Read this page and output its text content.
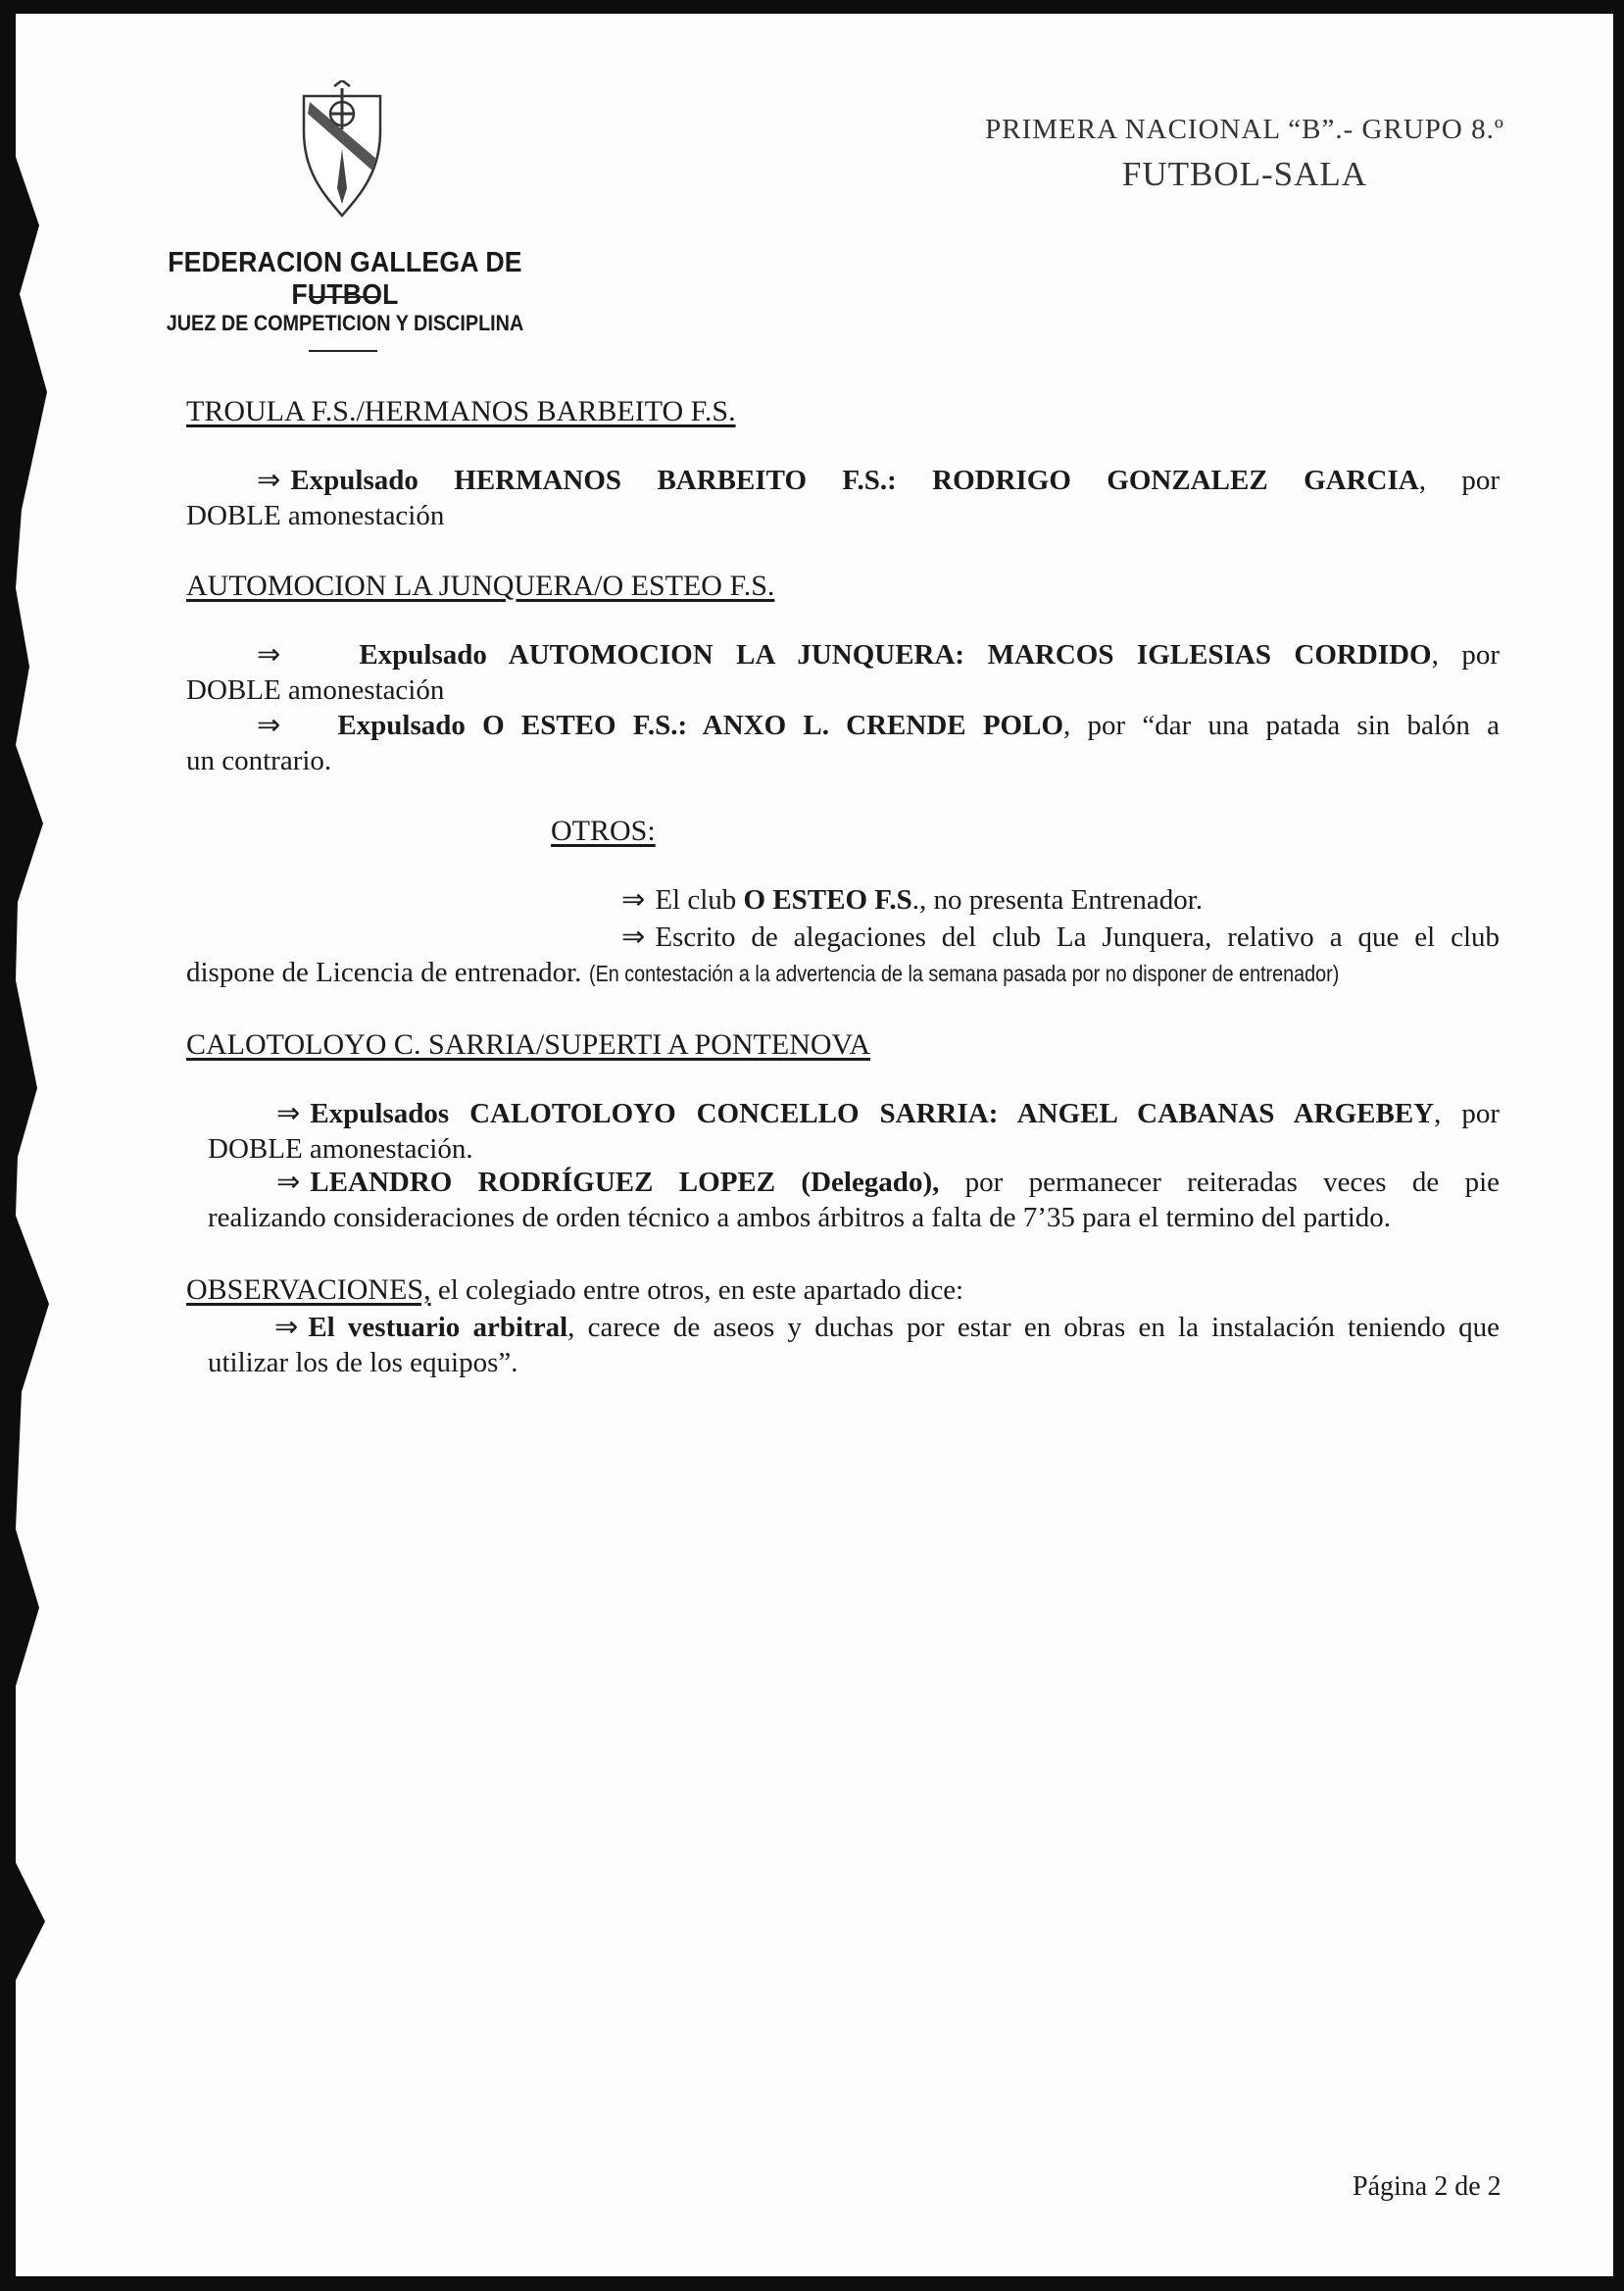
FEDERACION GALLEGA DE FUTBOL
JUEZ DE COMPETICION Y DISCIPLINA
PRIMERA NACIONAL “B”.- GRUPO 8.º
FUTBOL-SALA
TROULA F.S./HERMANOS BARBEITO F.S.
⇒ Expulsado HERMANOS BARBEITO F.S.: RODRIGO GONZALEZ GARCIA, por
DOBLE amonestación
AUTOMOCION LA JUNQUERA/O ESTEO F.S.
⇒	Expulsado AUTOMOCION LA JUNQUERA: MARCOS IGLESIAS CORDIDO, por
DOBLE amonestación
⇒ Expulsado O ESTEO F.S.: ANXO L. CRENDE POLO, por “dar una patada sin balón a
un contrario.
OTROS:
⇒ El club O ESTEO F.S., no presenta Entrenador.
⇒ Escrito de alegaciones del club La Junquera, relativo a que el club
dispone de Licencia de entrenador. (En contestación a la advertencia de la semana pasada por no disponer de entrenador)
CALOTOLOYO C. SARRIA/SUPERTI A PONTENOVA
⇒ Expulsados CALOTOLOYO CONCELLO SARRIA: ANGEL CABANAS ARGEBEY, por
DOBLE amonestación.
⇒ LEANDRO RODRÍGUEZ LOPEZ (Delegado), por permanecer reiteradas veces de pie
realizando consideraciones de orden técnico a ambos árbitros a falta de 7’35 para el termino del partido.
OBSERVACIONES, el colegiado entre otros, en este apartado dice:
⇒ El vestuario arbitral, carece de aseos y duchas por estar en obras en la instalación teniendo que
utilizar los de los equipos”.
Página 2 de 2
